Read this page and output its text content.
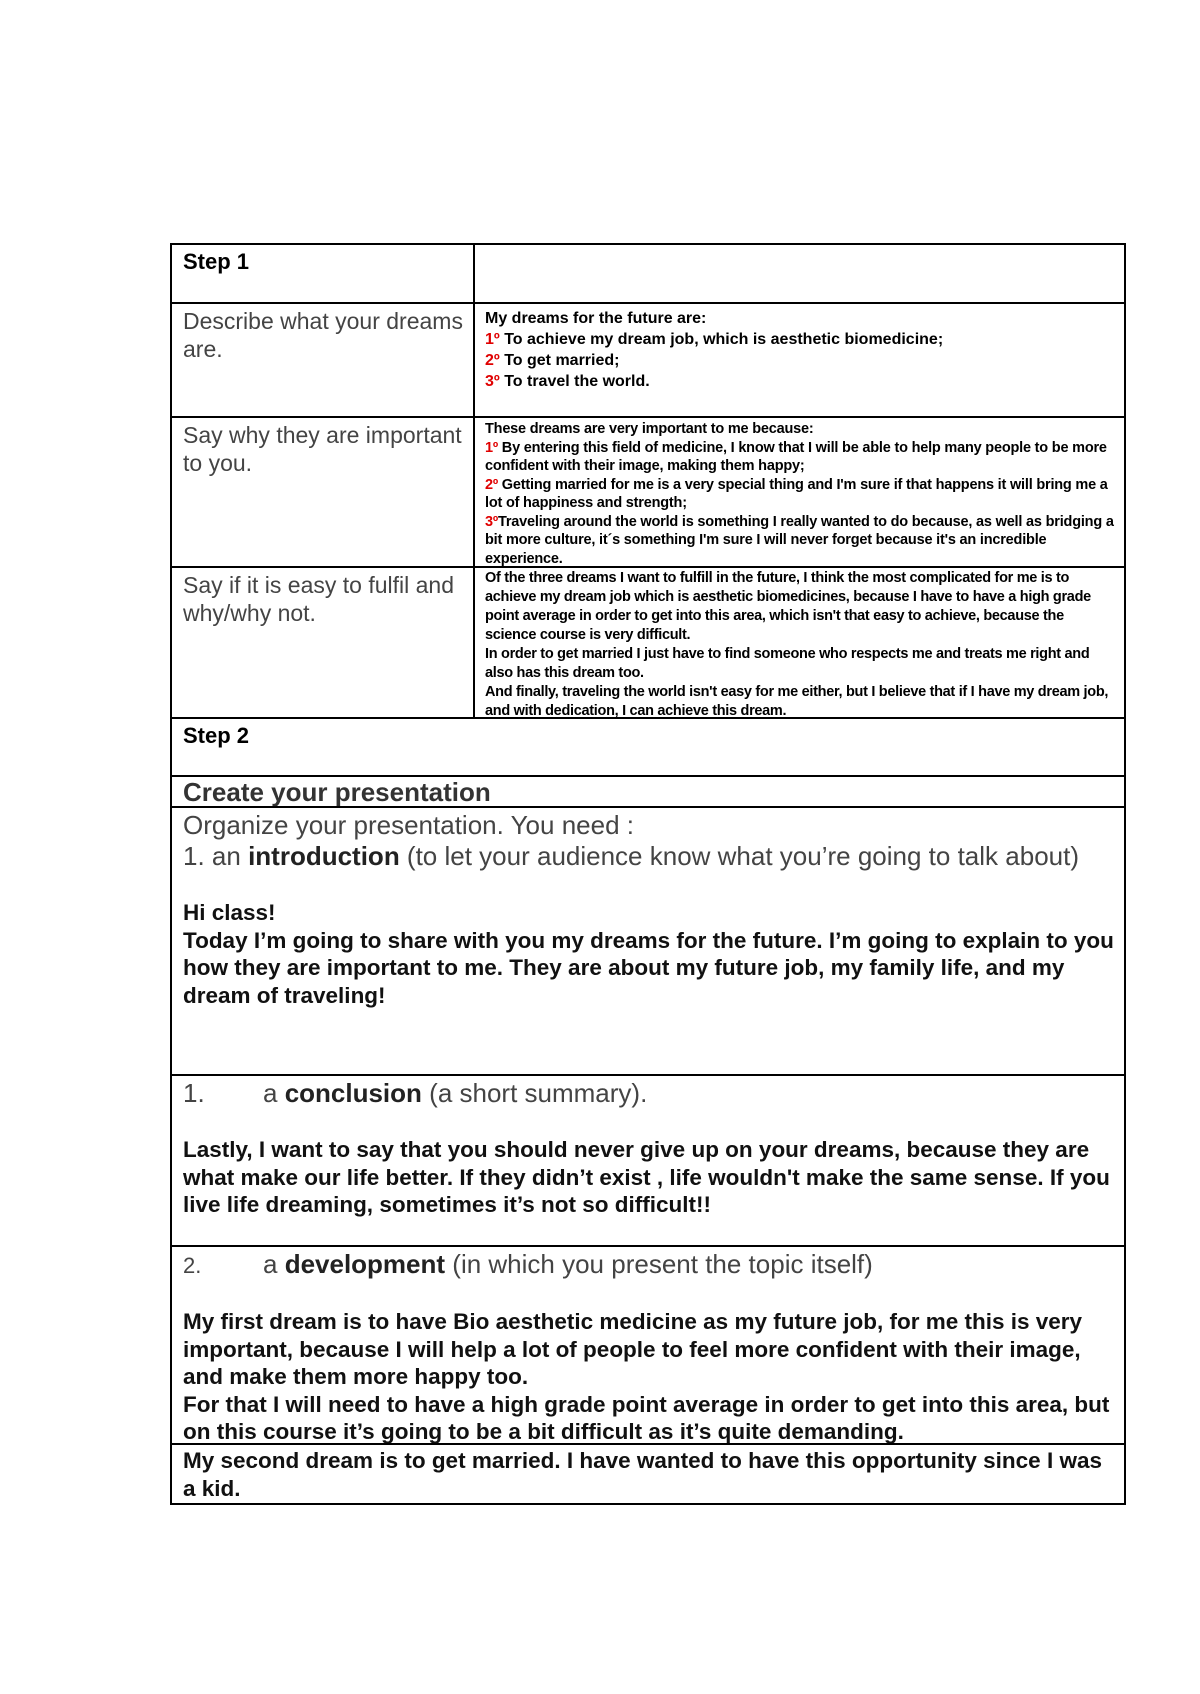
Step 1
Describe what your dreams are.

My dreams for the future are:

1º To achieve my dream job, which is aesthetic biomedicine;

2º To get married;

3º To travel the world.

Say why they are important to you.

These dreams are very important to me because:

1º By entering this field of medicine, I know that I will be able to help many people to be more confident with their image, making them happy;

2º Getting married for me is a very special thing and I'm sure if that happens it will bring me a lot of happiness and strength;

3ºTraveling around the world is something I really wanted to do because, as well as bridging a bit more culture, it´s something I'm sure I will never forget because it's an incredible experience.

Say if it is easy to fulfil and why/why not.

Of the three dreams I want to fulfill in the future, I think the most complicated for me is to achieve my dream job which is aesthetic biomedicines, because I have to have a high grade point average in order to get into this area, which isn't that easy to achieve, because the science course is very difficult.

In order to get married I just have to find someone who respects me and treats me right and also has this dream too.

And finally, traveling the world isn't easy for me either, but I believe that if I have my dream job, and with dedication, I can achieve this dream.

Step 2
Create your presentation
Organize your presentation. You need :
1. an introduction (to let your audience know what you’re going to talk about)

Hi class!

Today I’m going to share with you my dreams for the future. I’m going to explain to you how they are important to me. They are about my future job, my family life, and my dream of traveling!

1. a conclusion (a short summary).

Lastly, I want to say that you should never give up on your dreams, because they are what make our life better. If they didn’t exist , life wouldn't make the same sense. If you live life dreaming, sometimes it’s not so difficult!!

2. a development (in which you present the topic itself)

My first dream is to have Bio aesthetic medicine as my future job, for me this is very important, because I will help a lot of people to feel more confident with their image, and make them more happy too.

For that I will need to have a high grade point average in order to get into this area, but on this course it’s going to be a bit difficult as it’s quite demanding.

My second dream is to get married. I have wanted to have this opportunity since I was a kid.
